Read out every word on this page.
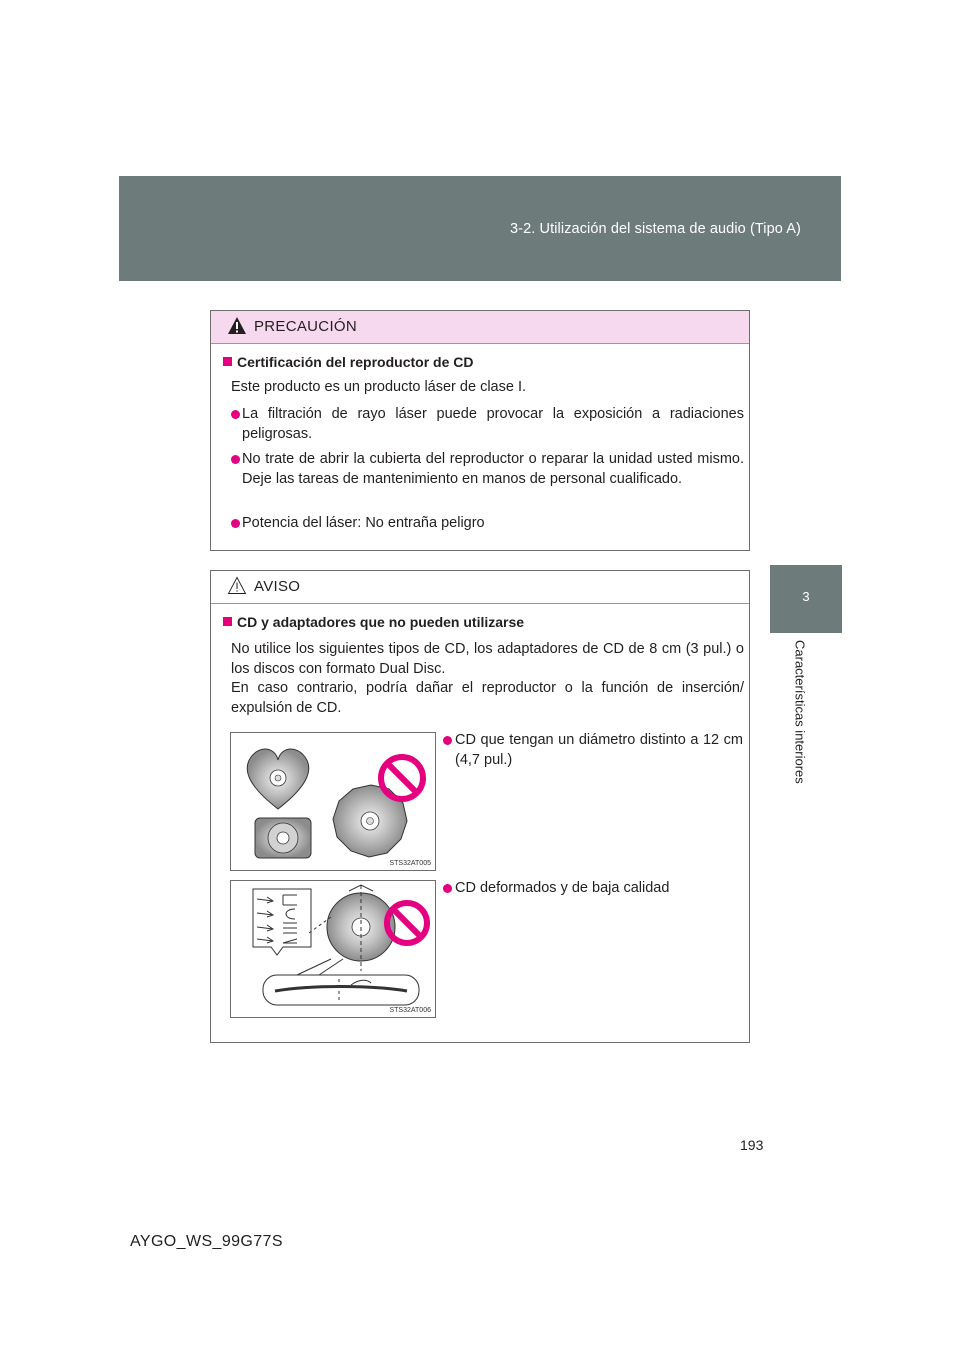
3-2. Utilización del sistema de audio (Tipo A)
3
Características interiores
PRECAUCIÓN
Certificación del reproductor de CD
Este producto es un producto láser de clase I.
La filtración de rayo láser puede provocar la exposición a radiaciones peligrosas.
No trate de abrir la cubierta del reproductor o reparar la unidad usted mismo. Deje las tareas de mantenimiento en manos de personal cualificado.
Potencia del láser: No entraña peligro
AVISO
CD y adaptadores que no pueden utilizarse
No utilice los siguientes tipos de CD, los adaptadores de CD de 8 cm (3 pul.) o los discos con formato Dual Disc.
En caso contrario, podría dañar el reproductor o la función de inserción/ expulsión de CD.
STS32AT005
CD que tengan un diámetro distinto a 12 cm (4,7 pul.)
STS32AT006
CD deformados y de baja calidad
193
AYGO_WS_99G77S
